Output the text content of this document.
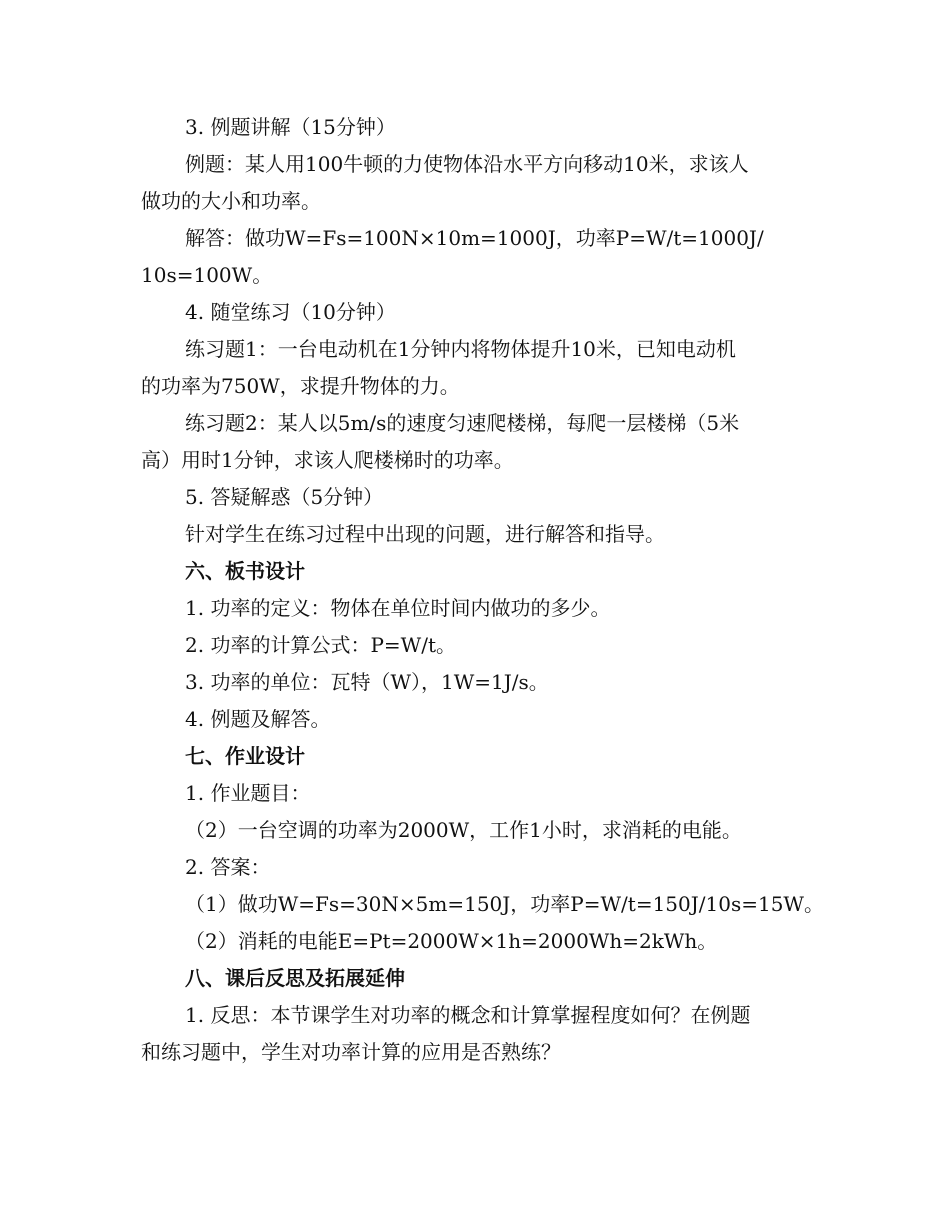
3. 例题讲解（15分钟）
例题：某人用100牛顿的力使物体沿水平方向移动10米，求该人
做功的大小和功率。
解答：做功W=Fs=100N×10m=1000J，功率P=W/t=1000J/
10s=100W。
4. 随堂练习（10分钟）
练习题1：一台电动机在1分钟内将物体提升10米，已知电动机
的功率为750W，求提升物体的力。
练习题2：某人以5m/s的速度匀速爬楼梯，每爬一层楼梯（5米
高）用时1分钟，求该人爬楼梯时的功率。
5. 答疑解惑（5分钟）
针对学生在练习过程中出现的问题，进行解答和指导。
六、板书设计
1. 功率的定义：物体在单位时间内做功的多少。
2. 功率的计算公式：P=W/t。
3. 功率的单位：瓦特（W），1W=1J/s。
4. 例题及解答。
七、作业设计
1. 作业题目：
（2）一台空调的功率为2000W，工作1小时，求消耗的电能。
2. 答案：
（1）做功W=Fs=30N×5m=150J，功率P=W/t=150J/10s=15W。
（2）消耗的电能E=Pt=2000W×1h=2000Wh=2kWh。
八、课后反思及拓展延伸
1. 反思：本节课学生对功率的概念和计算掌握程度如何？在例题
和练习题中，学生对功率计算的应用是否熟练？
